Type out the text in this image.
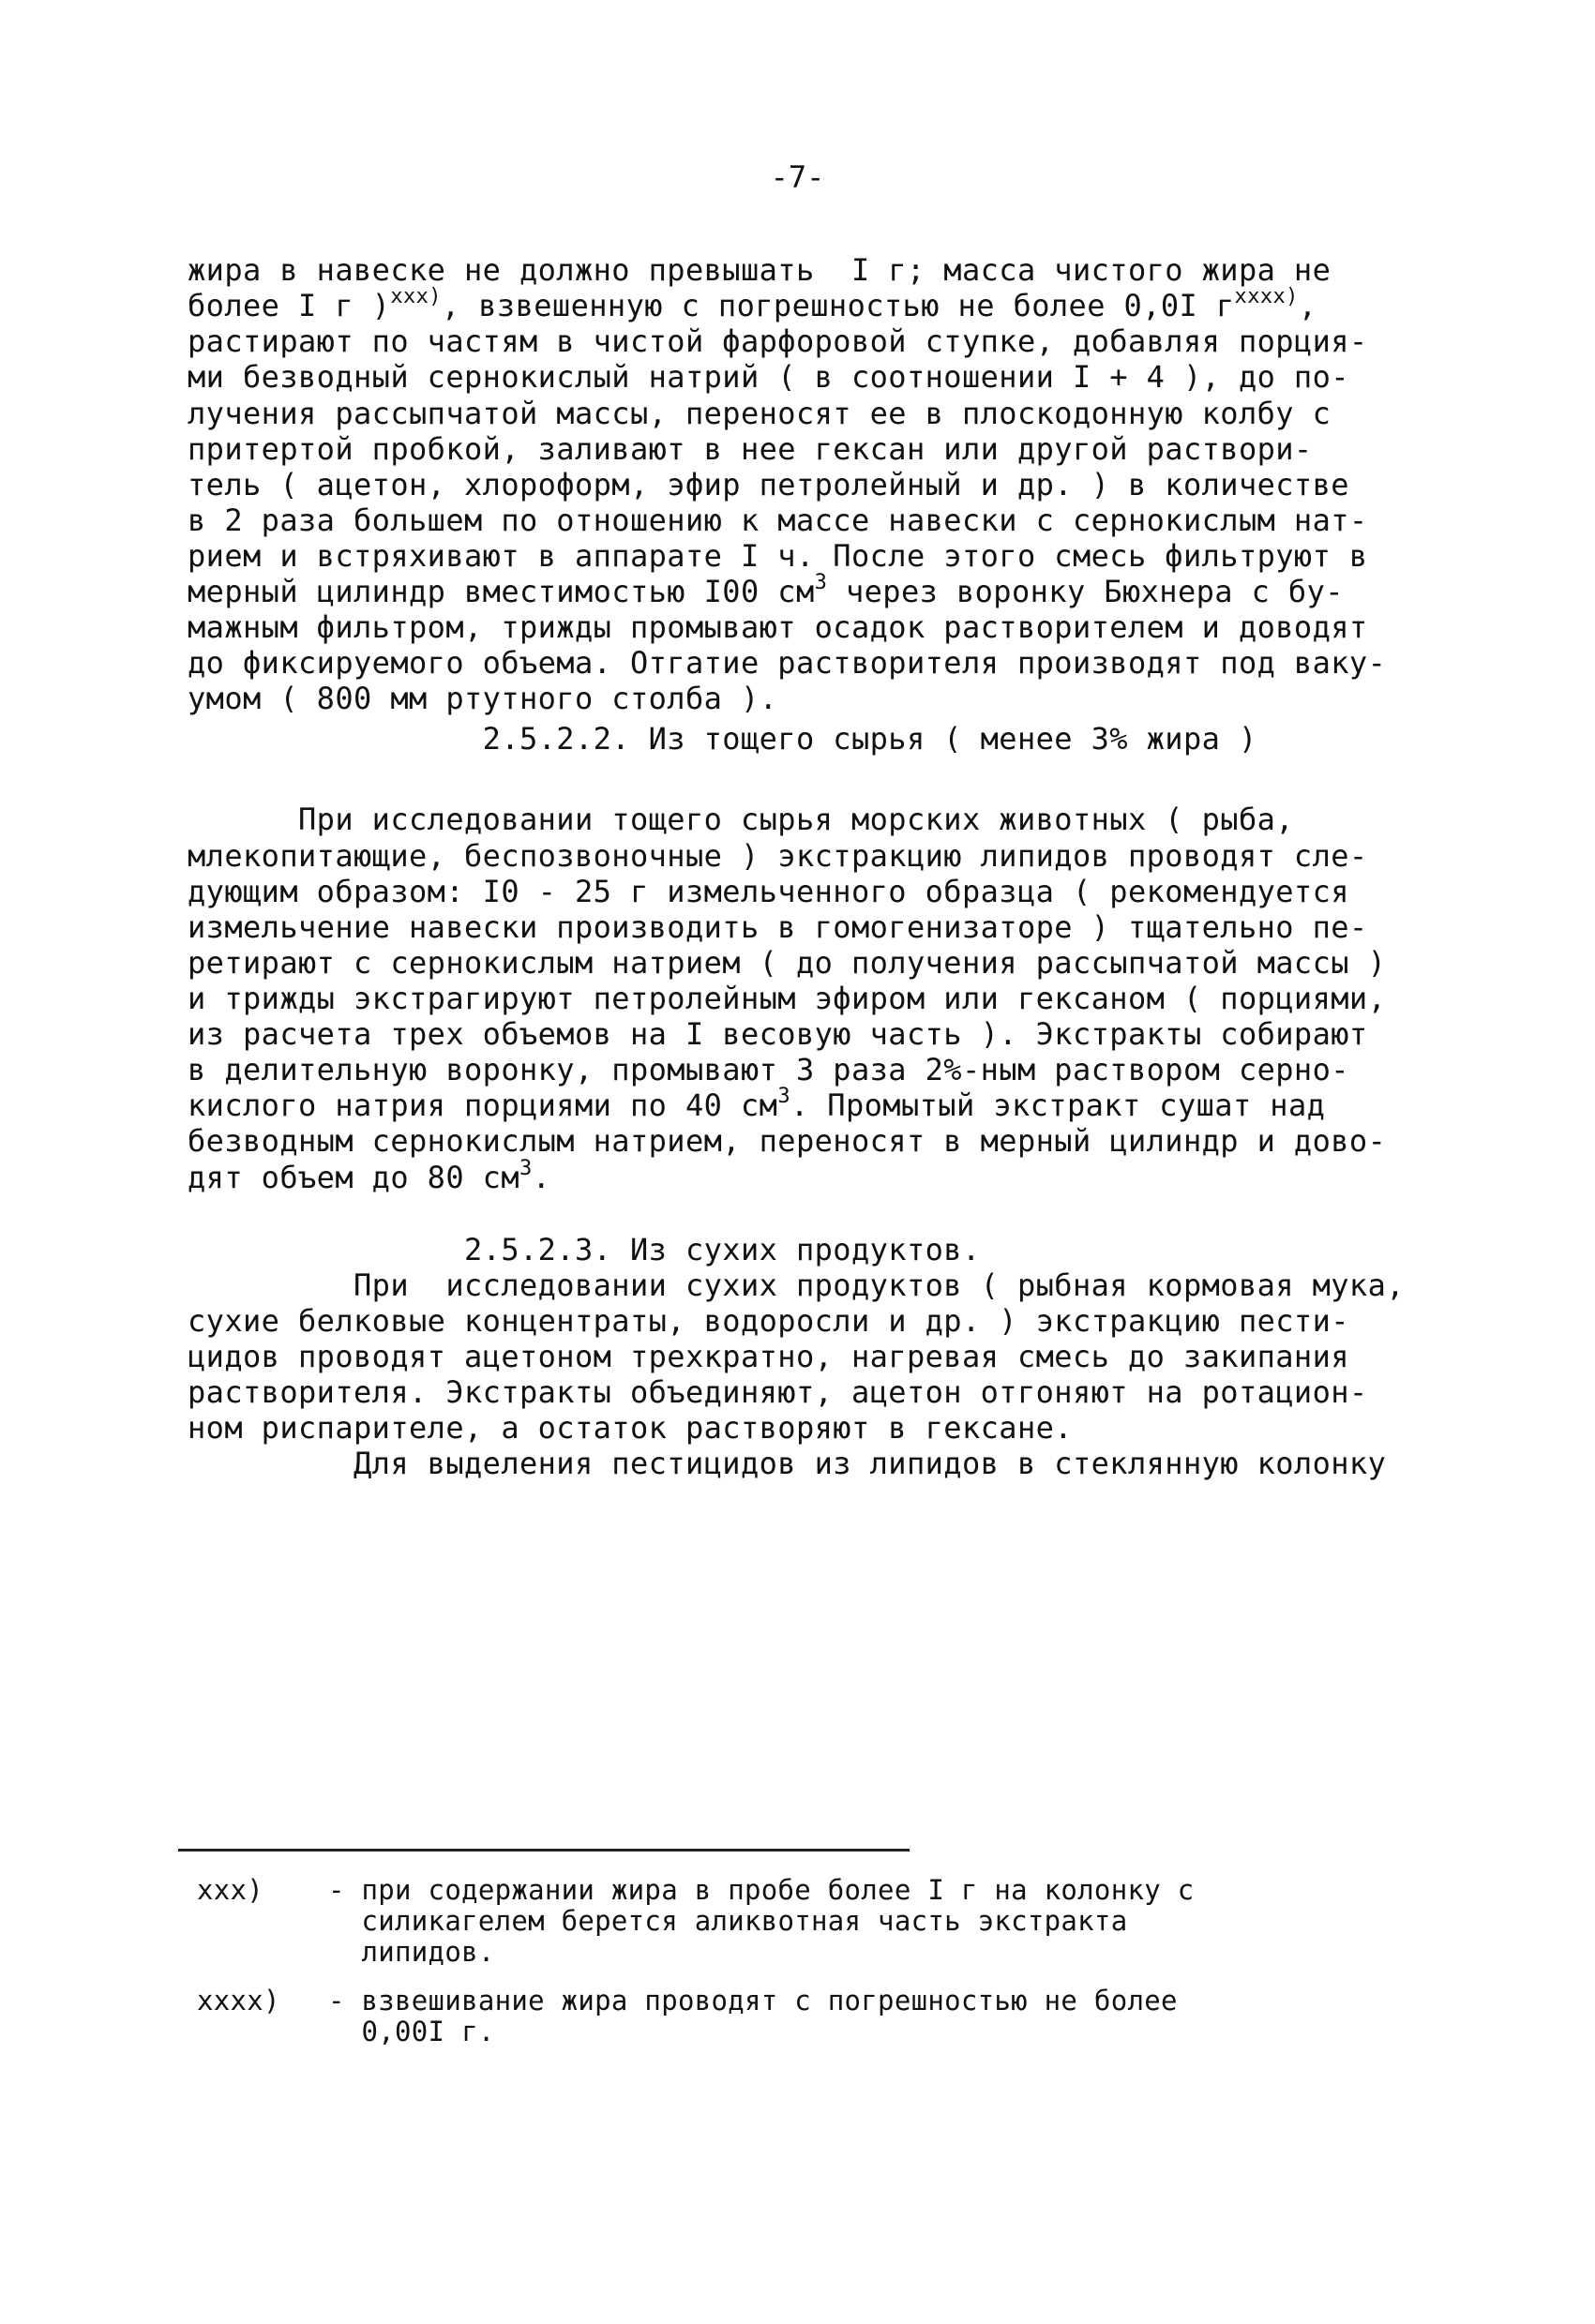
-7-
жира в навеске не должно превышать  I г; масса чистого жира не
более I г )$^{xxx)}$, взвешенную с погрешностью не более 0,0I $г^{xxxx)}$,
растирают по частям в чистой фарфоровой ступке, добавляя порция-
ми безводный сернокислый натрий ( в соотношении I + 4 ), до по-
лучения рассыпчатой массы, переносят ее в плоскодонную колбу с
притертой пробкой, заливают в нее гексан или другой раствори-
тель ( ацетон, хлороформ, эфир петролейный и др. ) в количестве
в 2 раза большем по отношению к массе навески с сернокислым нат-
рием и встряхивают в аппарате I ч. После этого смесь фильтруют в
мерный цилиндр вместимостью I00 $см^3$ через воронку Бюхнера с бу-
мажным фильтром, трижды промывают осадок растворителем и доводят
до фиксируемого объема. Отгатие растворителя производят под ваку-
умом ( 800 мм ртутного столба ).
2.5.2.2. Из тощего сырья ( менее 3% жира )
При исследовании тощего сырья морских животных ( рыба,
млекопитающие, беспозвоночные ) экстракцию липидов проводят сле-
дующим образом: I0 - 25 г измельченного образца ( рекомендуется
измельчение навески производить в гомогенизаторе ) тщательно пе-
ретирают с сернокислым натрием ( до получения рассыпчатой массы )
и трижды экстрагируют петролейным эфиром или гексаном ( порциями,
из расчета трех объемов на I весовую часть ). Экстракты собирают
в делительную воронку, промывают 3 раза 2%-ным раствором серно-
кислого натрия порциями по 40 $см^3$. Промытый экстракт сушат над
безводным сернокислым натрием, переносят в мерный цилиндр и дово-
дят объем до 80 $см^3$.
2.5.2.3. Из сухих продуктов.
При  исследовании сухих продуктов ( рыбная кормовая мука,
сухие белковые концентраты, водоросли и др. ) экстракцию пести-
цидов проводят ацетоном трехкратно, нагревая смесь до закипания
растворителя. Экстракты объединяют, ацетон отгоняют на ротацион-
ном риспарителе, а остаток растворяют в гексане.
Для выделения пестицидов из липидов в стеклянную колонку
xxx) - при содержании жира в пробе более I г на колонку с
силикагелем берется аликвотная часть экстракта
липидов.
xxxx) - взвешивание жира проводят с погрешностью не более
0,00I г.
